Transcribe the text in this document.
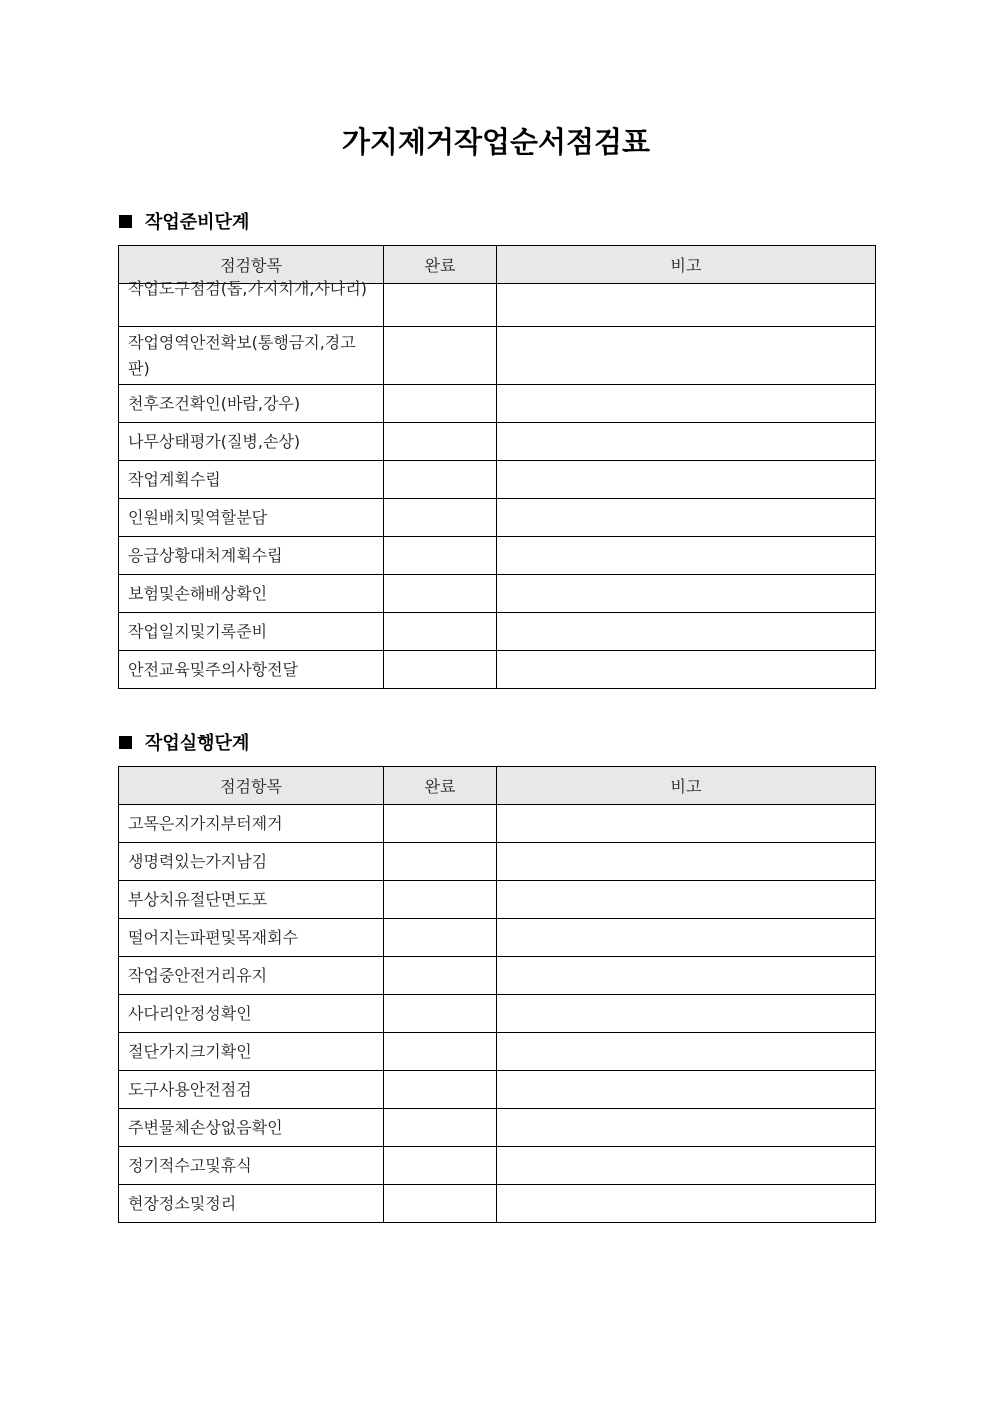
가지제거작업순서점검표
작업준비단계
점검항목	완료	비고

작업도구점검(톱,가지치개,사다리)		

작업영역안전확보(통행금지,경고판)		
천후조건확인(바람,강우)		
나무상태평가(질병,손상)		
작업계획수립		
인원배치및역할분담		
응급상황대처계획수립		
보험및손해배상확인		
작업일지및기록준비		
안전교육및주의사항전달		
작업실행단계
점검항목	완료	비고
고목은지가지부터제거		
생명력있는가지남김		
부상치유절단면도포		
떨어지는파편및목재회수		
작업중안전거리유지		
사다리안정성확인		
절단가지크기확인		
도구사용안전점검		
주변물체손상없음확인		
정기적수고및휴식		
현장정소및정리		
